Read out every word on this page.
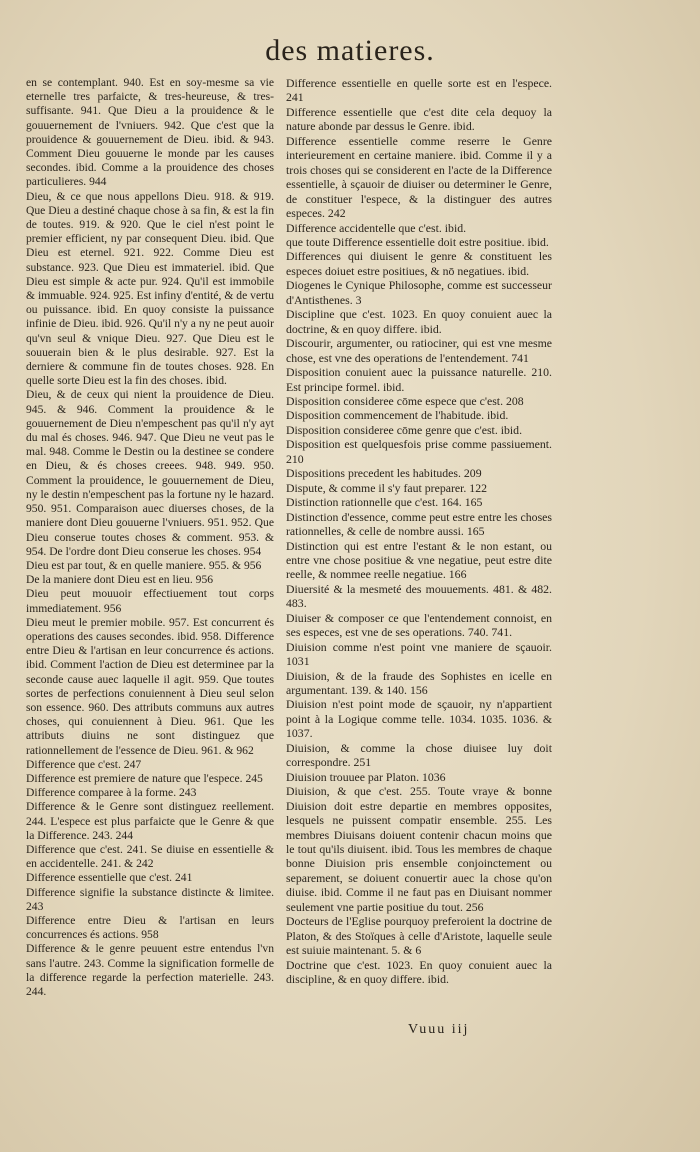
des matieres.

en se contemplant. 940. Est en soy-mesme sa vie eternelle tres parfaicte, & tres-heureuse, & tres-suffisante. 941. Que Dieu a la prouidence & le gouuernement de l'vniuers. 942. Que c'est que la prouidence & gouuernement de Dieu. ibid. & 943. Comment Dieu gouuerne le monde par les causes secondes. ibid. Comme a la prouidence des choses particulieres. 944

Dieu, & ce que nous appellons Dieu. 918. & 919. Que Dieu a destiné chaque chose à sa fin, & est la fin de toutes. 919. & 920. Que le ciel n'est point le premier efficient, ny par consequent Dieu. ibid. Que Dieu est eternel. 921. 922. Comme Dieu est substance. 923. Que Dieu est immateriel. ibid. Que Dieu est simple & acte pur. 924. Qu'il est immobile & immuable. 924. 925. Est infiny d'entité, & de vertu ou puissance. ibid. En quoy consiste la puissance infinie de Dieu. ibid. 926. Qu'il n'y a ny ne peut auoir qu'vn seul & vnique Dieu. 927. Que Dieu est le souuerain bien & le plus desirable. 927. Est la derniere & commune fin de toutes choses. 928. En quelle sorte Dieu est la fin des choses. ibid.

Dieu, & de ceux qui nient la prouidence de Dieu. 945. & 946. Comment la prouidence & le gouuernement de Dieu n'empeschent pas qu'il n'y ayt du mal és choses. 946. 947. Que Dieu ne veut pas le mal. 948. Comme le Destin ou la destinee se condere en Dieu, & és choses creees. 948. 949. 950. Comment la prouidence, le gouuernement de Dieu, ny le destin n'empeschent pas la fortune ny le hazard. 950. 951. Comparaison auec diuerses choses, de la maniere dont Dieu gouuerne l'vniuers. 951. 952. Que Dieu conserue toutes choses & comment. 953. & 954. De l'ordre dont Dieu conserue les choses. 954

Dieu est par tout, & en quelle maniere. 955. & 956

De la maniere dont Dieu est en lieu. 956

Dieu peut mouuoir effectiuement tout corps immediatement. 956

Dieu meut le premier mobile. 957. Est concurrent és operations des causes secondes. ibid. 958. Difference entre Dieu & l'artisan en leur concurrence és actions. ibid. Comment l'action de Dieu est determinee par la seconde cause auec laquelle il agit. 959. Que toutes sortes de perfections conuiennent à Dieu seul selon son essence. 960. Des attributs communs aux autres choses, qui conuiennent à Dieu. 961. Que les attributs diuins ne sont distinguez que rationnellement de l'essence de Dieu. 961. & 962

Difference que c'est. 247

Difference est premiere de nature que l'espece. 245

Difference comparee à la forme. 243

Difference & le Genre sont distinguez reellement. 244. L'espece est plus parfaicte que le Genre & que la Difference. 243. 244

Difference que c'est. 241. Se diuise en essentielle & en accidentelle. 241. & 242

Difference essentielle que c'est. 241

Difference signifie la substance distincte & limitee. 243

Difference entre Dieu & l'artisan en leurs concurrences és actions. 958

Difference & le genre peuuent estre entendus l'vn sans l'autre. 243. Comme la signification formelle de la difference regarde la perfection materielle. 243. 244.

Difference essentielle en quelle sorte est en l'espece. 241

Difference essentielle que c'est dite cela dequoy la nature abonde par dessus le Genre. ibid.

Difference essentielle comme reserre le Genre interieurement en certaine maniere. ibid. Comme il y a trois choses qui se considerent en l'acte de la Difference essentielle, à sçauoir de diuiser ou determiner le Genre, de constituer l'espece, & la distinguer des autres especes. 242

Difference accidentelle que c'est. ibid.

que toute Difference essentielle doit estre positiue. ibid.

Differences qui diuisent le genre & constituent les especes doiuet estre positiues, & nō negatiues. ibid.

Diogenes le Cynique Philosophe, comme est successeur d'Antisthenes. 3

Discipline que c'est. 1023. En quoy conuient auec la doctrine, & en quoy differe. ibid.

Discourir, argumenter, ou ratiociner, qui est vne mesme chose, est vne des operations de l'entendement. 741

Disposition conuient auec la puissance naturelle. 210. Est principe formel. ibid.

Disposition consideree cōme espece que c'est. 208

Disposition commencement de l'habitude. ibid.

Disposition consideree cōme genre que c'est. ibid.

Disposition est quelquesfois prise comme passiuement. 210

Dispositions precedent les habitudes. 209

Dispute, & comme il s'y faut preparer. 122

Distinction rationnelle que c'est. 164. 165

Distinction d'essence, comme peut estre entre les choses rationnelles, & celle de nombre aussi. 165

Distinction qui est entre l'estant & le non estant, ou entre vne chose positiue & vne negatiue, peut estre dite reelle, & nommee reelle negatiue. 166

Diuersité & la mesmeté des mouuements. 481. & 482. 483.

Diuiser & composer ce que l'entendement connoist, en ses especes, est vne de ses operations. 740. 741.

Diuision comme n'est point vne maniere de sçauoir. 1031

Diuision, & de la fraude des Sophistes en icelle en argumentant. 139. & 140. 156

Diuision n'est point mode de sçauoir, ny n'appartient point à la Logique comme telle. 1034. 1035. 1036. & 1037.

Diuision, & comme la chose diuisee luy doit correspondre. 251

Diuision trouuee par Platon. 1036

Diuision, & que c'est. 255. Toute vraye & bonne Diuision doit estre departie en membres opposites, lesquels ne puissent compatir ensemble. 255. Les membres Diuisans doiuent contenir chacun moins que le tout qu'ils diuisent. ibid. Tous les membres de chaque bonne Diuision pris ensemble conjoinctement ou separement, se doiuent conuertir auec la chose qu'on diuise. ibid. Comme il ne faut pas en Diuisant nommer seulement vne partie positiue du tout. 256

Docteurs de l'Eglise pourquoy preferoient la doctrine de Platon, & des Stoïques à celle d'Aristote, laquelle seule est suiuie maintenant. 5. & 6

Doctrine que c'est. 1023. En quoy conuient auec la discipline, & en quoy differe. ibid.

Vuuu iij
